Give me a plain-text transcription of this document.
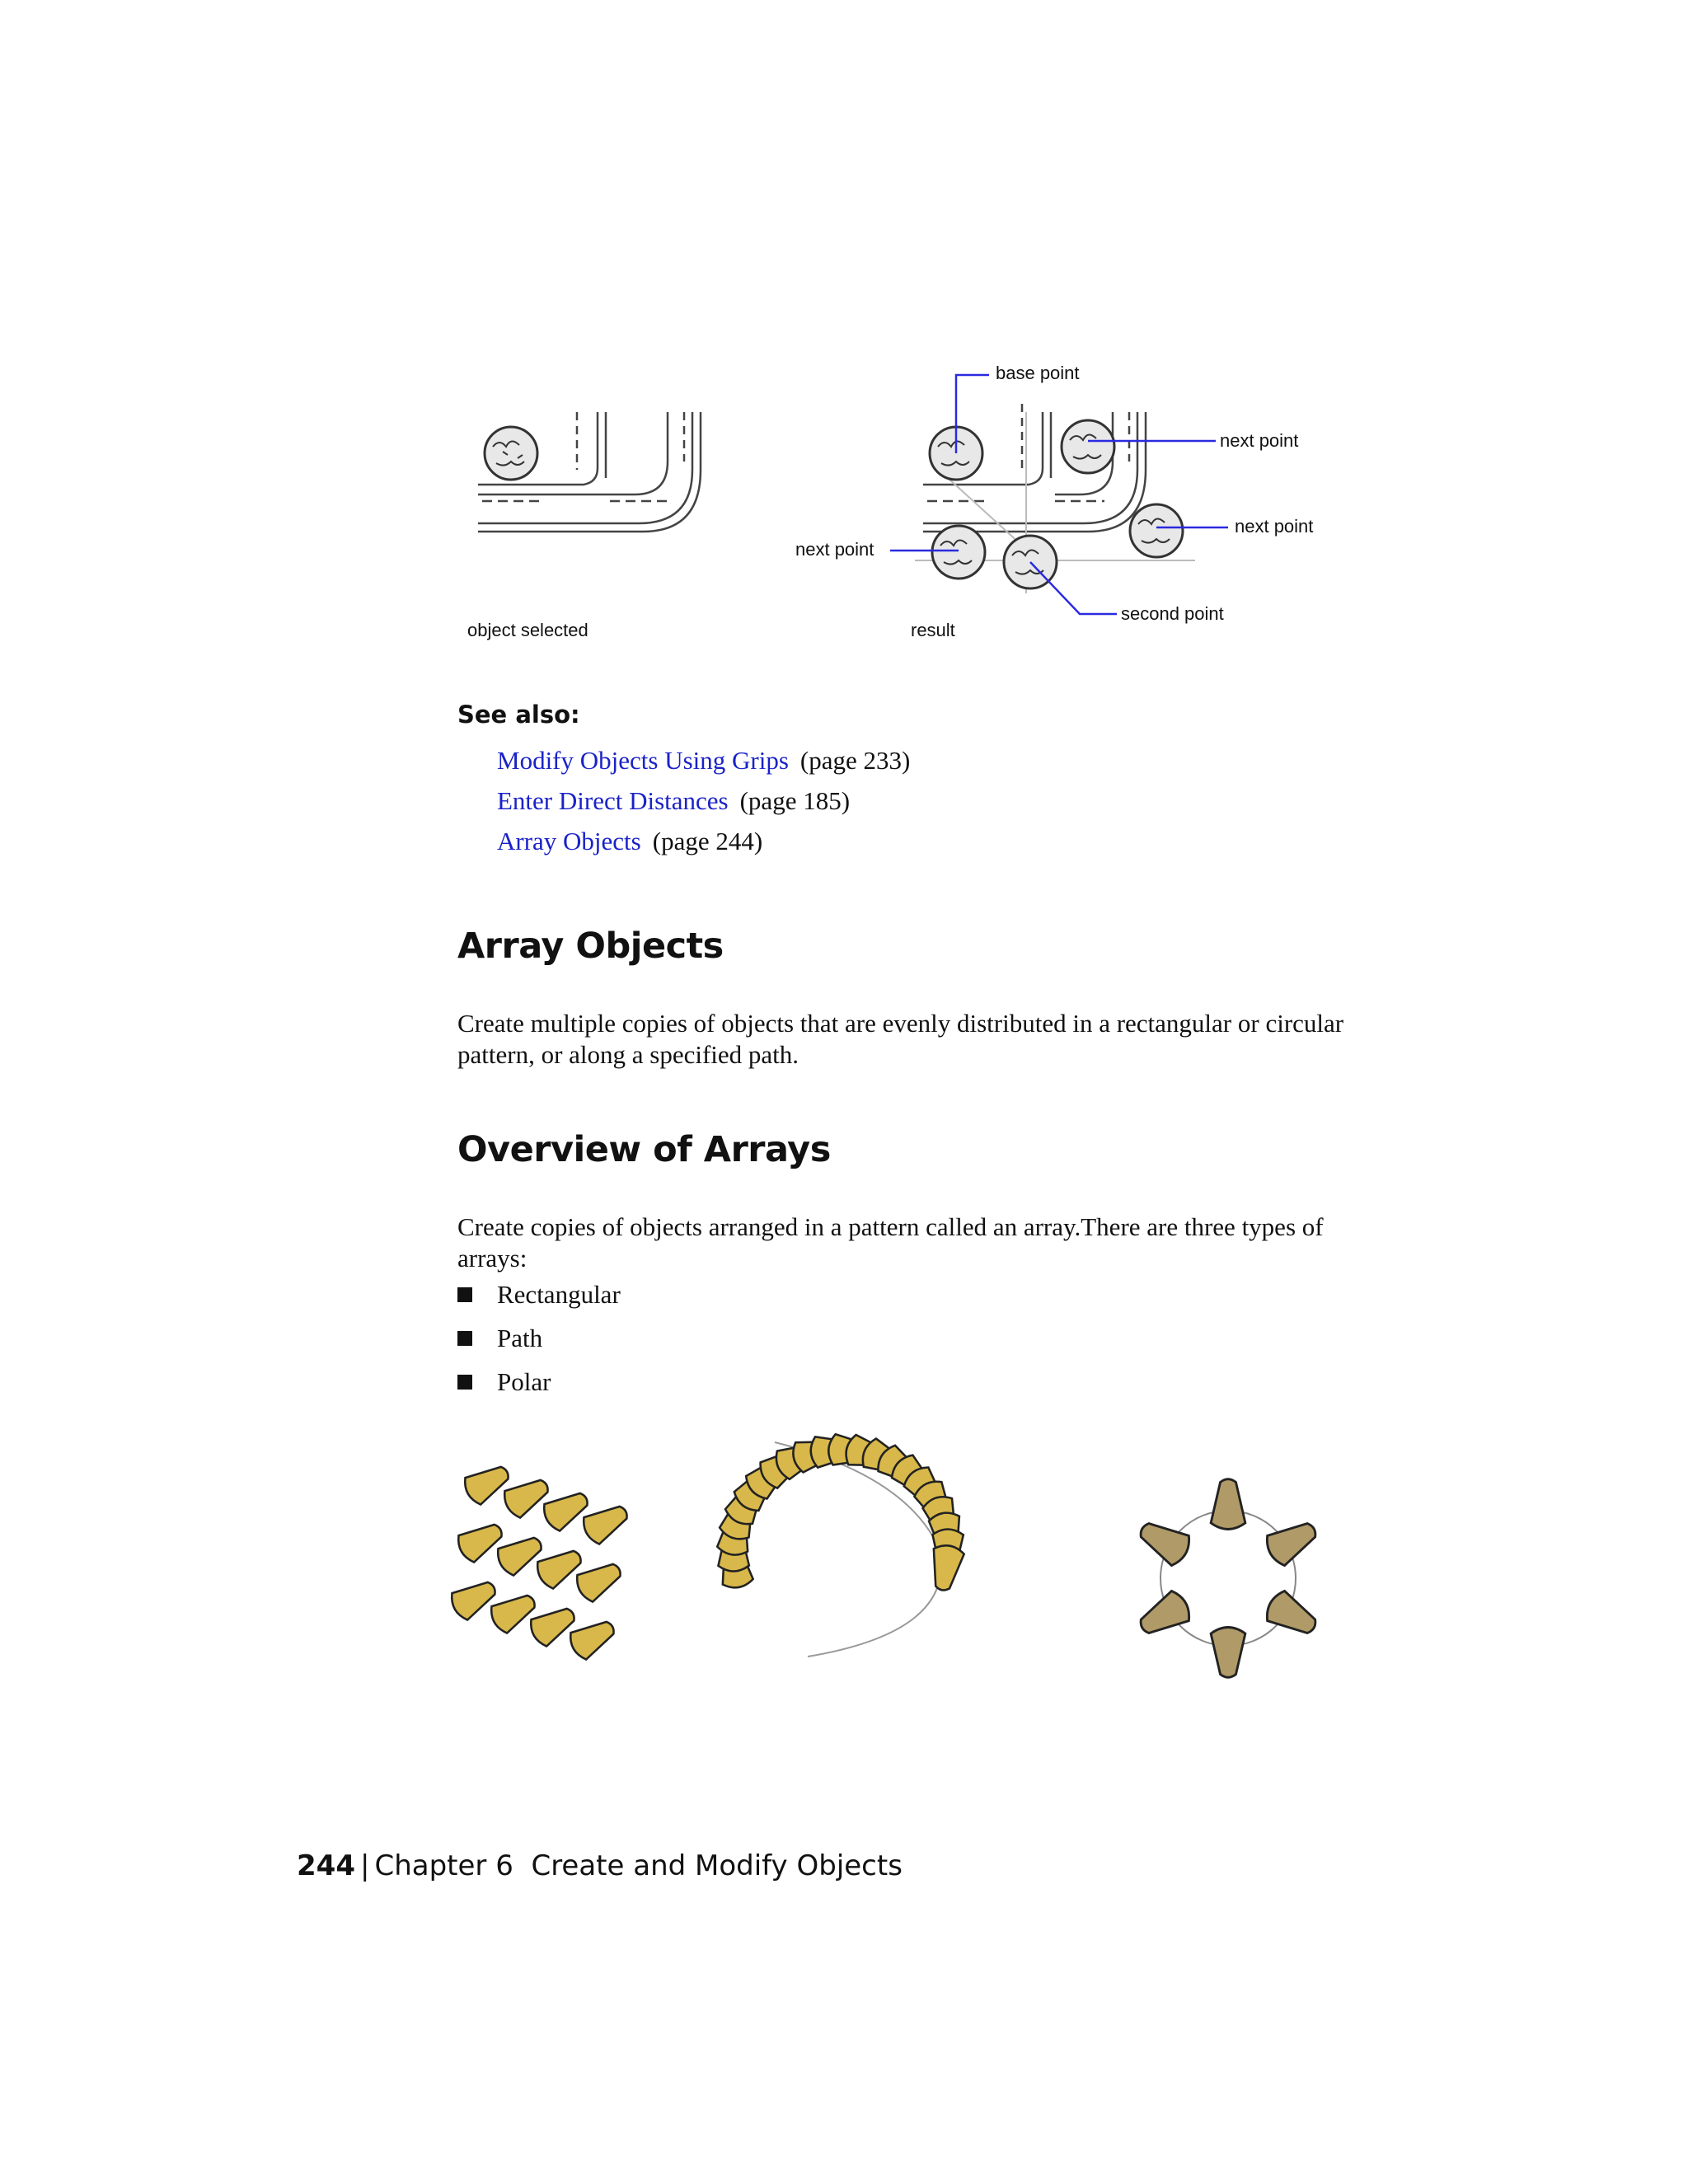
base point
next point
next point
next point
second point
object selected	result
See also:
Modify Objects Using Grips (page 233)
Enter Direct Distances (page 185)
Array Objects (page 244)
Array Objects
Create multiple copies of objects that are evenly distributed in a rectangular or circular pattern, or along a specified path.
Overview of Arrays
Create copies of objects arranged in a pattern called an array.There are three types of arrays:
Rectangular
Path
Polar
244 | Chapter 6 Create and Modify Objects
